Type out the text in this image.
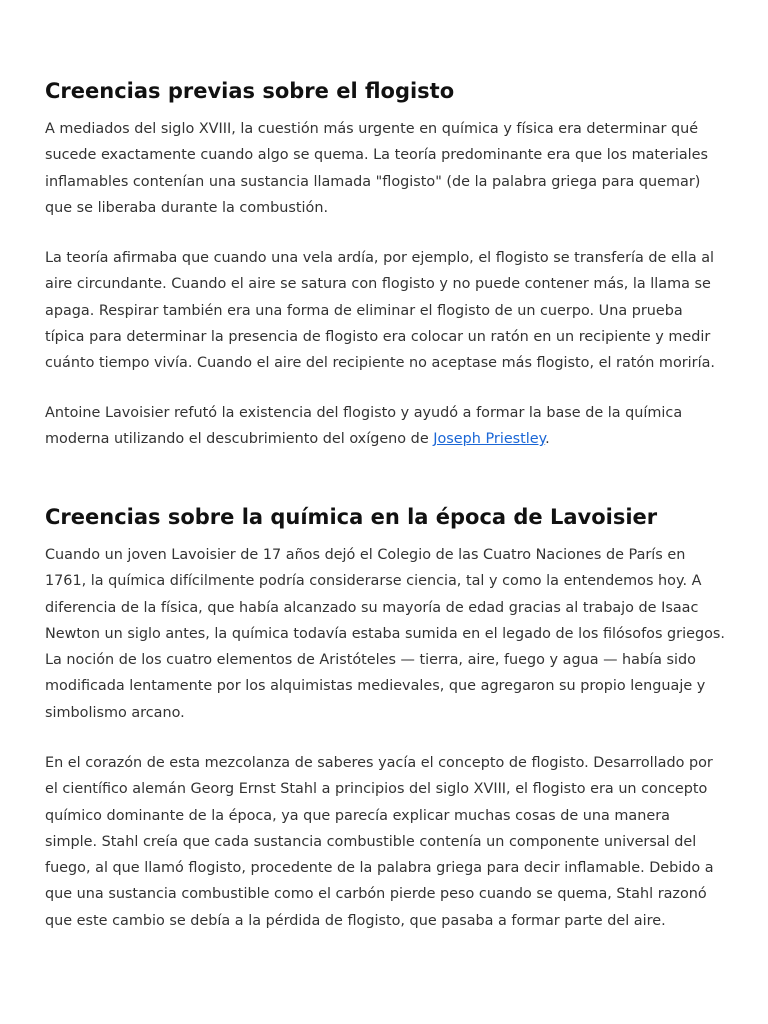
Creencias previas sobre el flogisto

A mediados del siglo XVIII, la cuestión más urgente en química y física era determinar qué sucede exactamente cuando algo se quema. La teoría predominante era que los materiales inflamables contenían una sustancia llamada "flogisto" (de la palabra griega para quemar) que se liberaba durante la combustión.

La teoría afirmaba que cuando una vela ardía, por ejemplo, el flogisto se transfería de ella al aire circundante. Cuando el aire se satura con flogisto y no puede contener más, la llama se apaga. Respirar también era una forma de eliminar el flogisto de un cuerpo. Una prueba típica para determinar la presencia de flogisto era colocar un ratón en un recipiente y medir cuánto tiempo vivía. Cuando el aire del recipiente no aceptase más flogisto, el ratón moriría.

Antoine Lavoisier refutó la existencia del flogisto y ayudó a formar la base de la química moderna utilizando el descubrimiento del oxígeno de Joseph Priestley.

Creencias sobre la química en la época de Lavoisier

Cuando un joven Lavoisier de 17 años dejó el Colegio de las Cuatro Naciones de París en 1761, la química difícilmente podría considerarse ciencia, tal y como la entendemos hoy. A diferencia de la física, que había alcanzado su mayoría de edad gracias al trabajo de Isaac Newton un siglo antes, la química todavía estaba sumida en el legado de los filósofos griegos. La noción de los cuatro elementos de Aristóteles — tierra, aire, fuego y agua — había sido modificada lentamente por los alquimistas medievales, que agregaron su propio lenguaje y simbolismo arcano.

En el corazón de esta mezcolanza de saberes yacía el concepto de flogisto. Desarrollado por el científico alemán Georg Ernst Stahl a principios del siglo XVIII, el flogisto era un concepto químico dominante de la época, ya que parecía explicar muchas cosas de una manera simple. Stahl creía que cada sustancia combustible contenía un componente universal del fuego, al que llamó flogisto, procedente de la palabra griega para decir inflamable. Debido a que una sustancia combustible como el carbón pierde peso cuando se quema, Stahl razonó que este cambio se debía a la pérdida de flogisto, que pasaba a formar parte del aire.
